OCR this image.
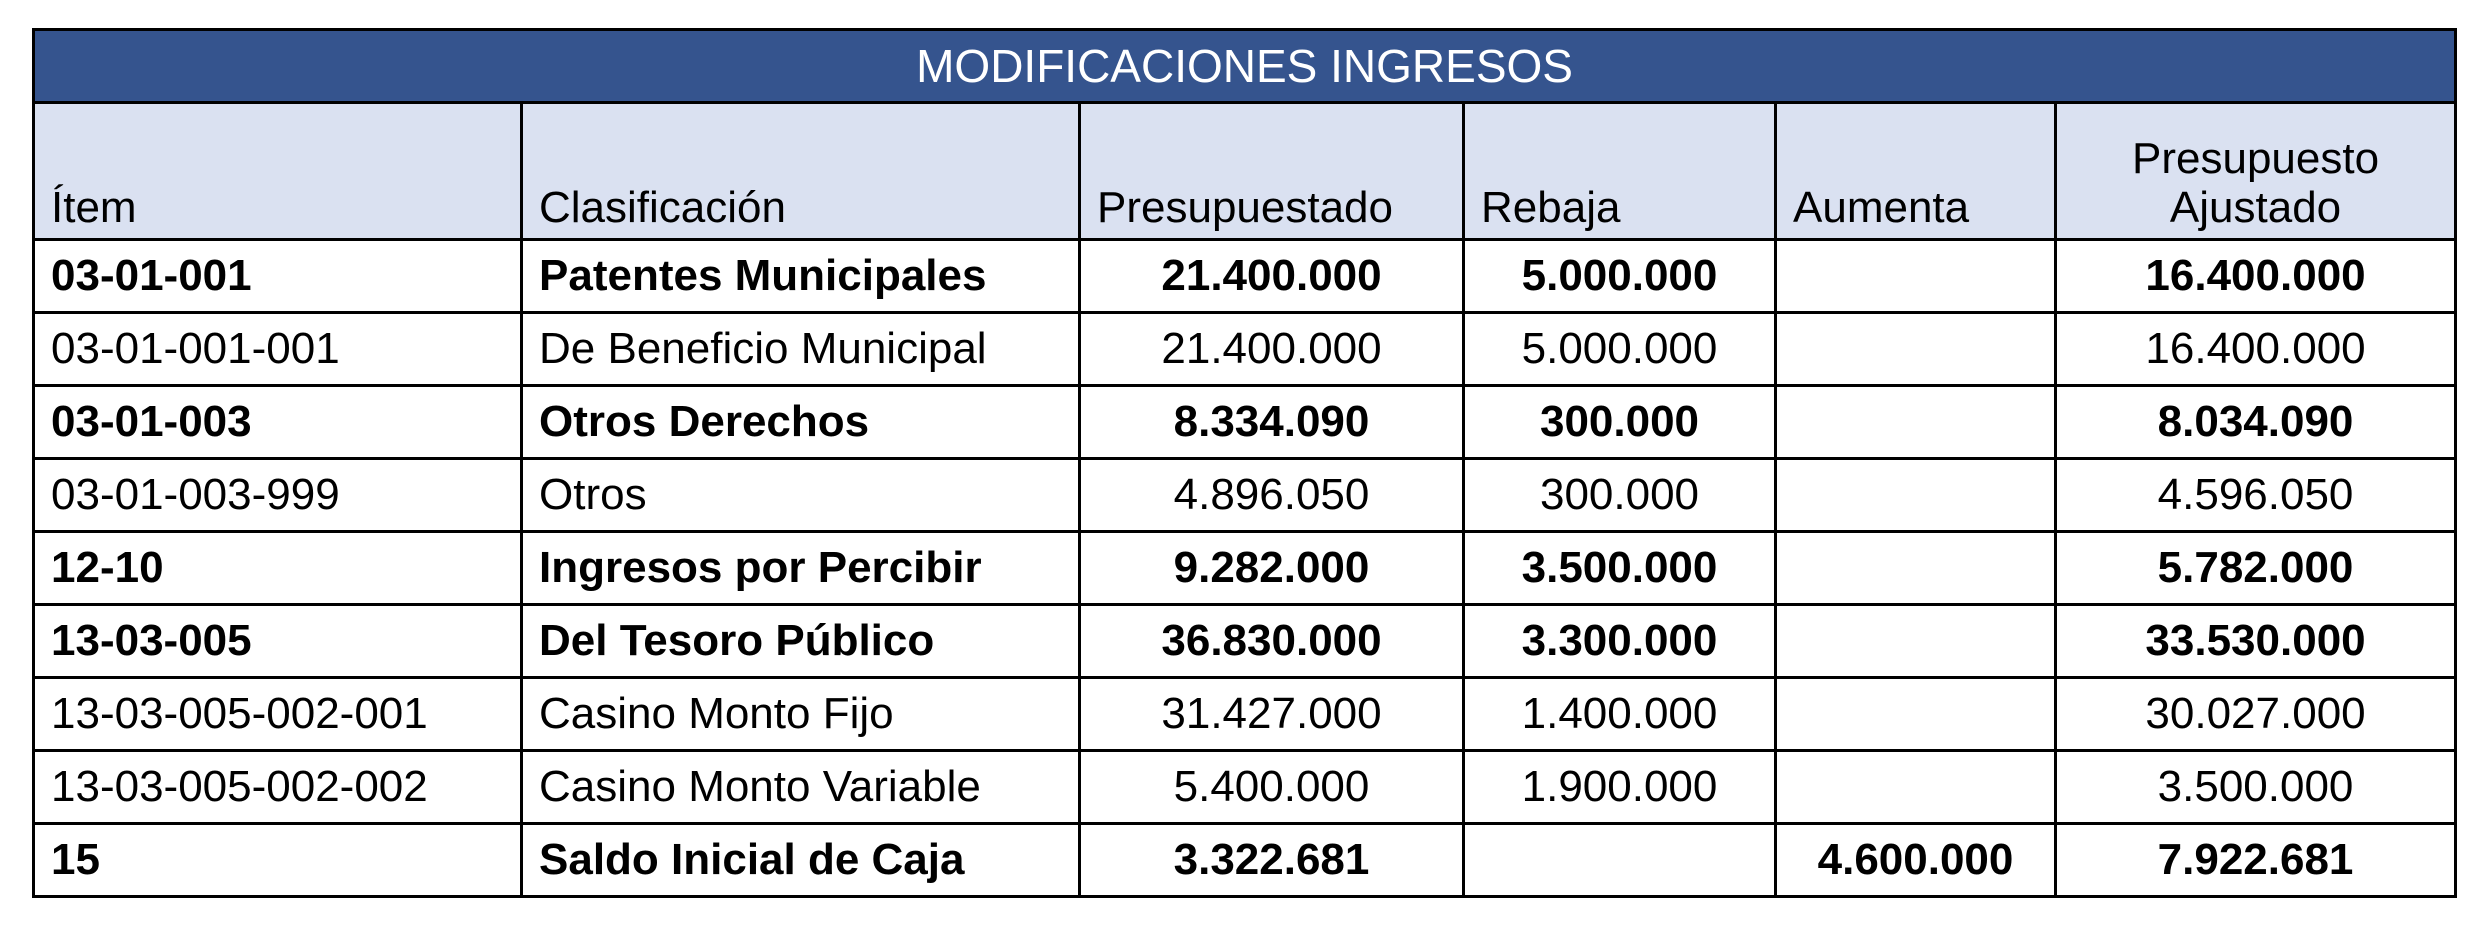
MODIFICACIONES INGRESOS					
Ítem	Clasificación	Presupuestado	Rebaja	Aumenta	Presupuesto
Ajustado

03-01-001	Patentes Municipales	21.400.000	5.000.000		16.400.000
03-01-001-001	De Beneficio Municipal	21.400.000	5.000.000		16.400.000
03-01-003	Otros Derechos	8.334.090	300.000		8.034.090
03-01-003-999	Otros	4.896.050	300.000		4.596.050
12-10	Ingresos por Percibir	9.282.000	3.500.000		5.782.000
13-03-005	Del Tesoro Público	36.830.000	3.300.000		33.530.000
13-03-005-002-001	Casino Monto Fijo	31.427.000	1.400.000		30.027.000
13-03-005-002-002	Casino Monto Variable	5.400.000	1.900.000		3.500.000
15	Saldo Inicial de Caja	3.322.681		4.600.000	7.922.681
